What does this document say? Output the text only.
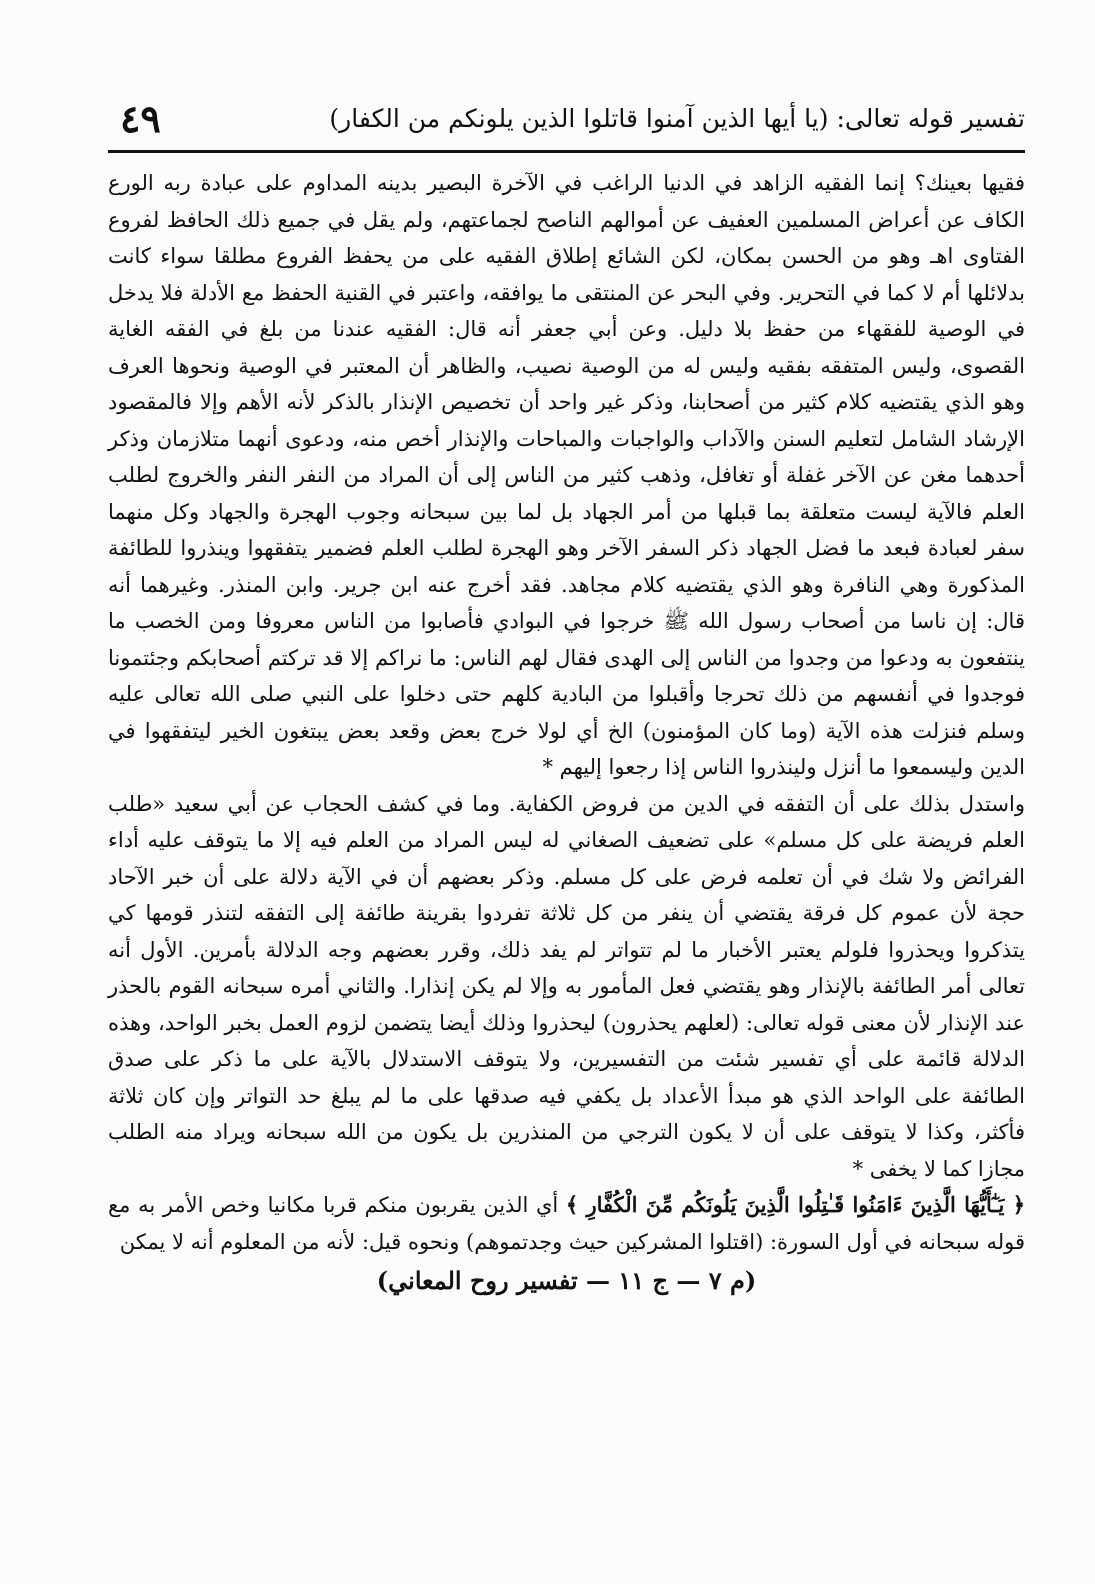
تفسير قوله تعالى: (يا أيها الذين آمنوا قاتلوا الذين يلونكم من الكفار)
٤٩

فقيها بعينك؟ إنما الفقيه الزاهد في الدنيا الراغب في الآخرة البصير بدينه المداوم على عبادة ربه الورع الكاف عن أعراض المسلمين العفيف عن أموالهم الناصح لجماعتهم، ولم يقل في جميع ذلك الحافظ لفروع الفتاوى اهـ وهو من الحسن بمكان، لكن الشائع إطلاق الفقيه على من يحفظ الفروع مطلقا سواء كانت بدلائلها أم لا كما في التحرير. وفي البحر عن المنتقى ما يوافقه، واعتبر في القنية الحفظ مع الأدلة فلا يدخل في الوصية للفقهاء من حفظ بلا دليل. وعن أبي جعفر أنه قال: الفقيه عندنا من بلغ في الفقه الغاية القصوى، وليس المتفقه بفقيه وليس له من الوصية نصيب، والظاهر أن المعتبر في الوصية ونحوها العرف وهو الذي يقتضيه كلام كثير من أصحابنا، وذكر غير واحد أن تخصيص الإنذار بالذكر لأنه الأهم وإلا فالمقصود الإرشاد الشامل لتعليم السنن والآداب والواجبات والمباحات والإنذار أخص منه، ودعوى أنهما متلازمان وذكر أحدهما مغن عن الآخر غفلة أو تغافل، وذهب كثير من الناس إلى أن المراد من النفر النفر والخروج لطلب العلم فالآية ليست متعلقة بما قبلها من أمر الجهاد بل لما بين سبحانه وجوب الهجرة والجهاد وكل منهما سفر لعبادة فبعد ما فضل الجهاد ذكر السفر الآخر وهو الهجرة لطلب العلم فضمير يتفقهوا وينذروا للطائفة المذكورة وهي النافرة وهو الذي يقتضيه كلام مجاهد. فقد أخرج عنه ابن جرير. وابن المنذر. وغيرهما أنه قال: إن ناسا من أصحاب رسول الله ﷺ خرجوا في البوادي فأصابوا من الناس معروفا ومن الخصب ما ينتفعون به ودعوا من وجدوا من الناس إلى الهدى فقال لهم الناس: ما نراكم إلا قد تركتم أصحابكم وجئتمونا فوجدوا في أنفسهم من ذلك تحرجا وأقبلوا من البادية كلهم حتى دخلوا على النبي صلى الله تعالى عليه وسلم فنزلت هذه الآية (وما كان المؤمنون) الخ أي لولا خرج بعض وقعد بعض يبتغون الخير ليتفقهوا في الدين وليسمعوا ما أنزل ولينذروا الناس إذا رجعوا إليهم *

واستدل بذلك على أن التفقه في الدين من فروض الكفاية. وما في كشف الحجاب عن أبي سعيد «طلب العلم فريضة على كل مسلم» على تضعيف الصغاني له ليس المراد من العلم فيه إلا ما يتوقف عليه أداء الفرائض ولا شك في أن تعلمه فرض على كل مسلم. وذكر بعضهم أن في الآية دلالة على أن خبر الآحاد حجة لأن عموم كل فرقة يقتضي أن ينفر من كل ثلاثة تفردوا بقرينة طائفة إلى التفقه لتنذر قومها كي يتذكروا ويحذروا فلولم يعتبر الأخبار ما لم تتواتر لم يفد ذلك، وقرر بعضهم وجه الدلالة بأمرين. الأول أنه تعالى أمر الطائفة بالإنذار وهو يقتضي فعل المأمور به وإلا لم يكن إنذارا. والثاني أمره سبحانه القوم بالحذر عند الإنذار لأن معنى قوله تعالى: (لعلهم يحذرون) ليحذروا وذلك أيضا يتضمن لزوم العمل بخبر الواحد، وهذه الدلالة قائمة على أي تفسير شئت من التفسيرين، ولا يتوقف الاستدلال بالآية على ما ذكر على صدق الطائفة على الواحد الذي هو مبدأ الأعداد بل يكفي فيه صدقها على ما لم يبلغ حد التواتر وإن كان ثلاثة فأكثر، وكذا لا يتوقف على أن لا يكون الترجي من المنذرين بل يكون من الله سبحانه ويراد منه الطلب مجازا كما لا يخفى *

﴿ يَـٰٓأَيُّهَا الَّذِينَ ءَامَنُوا قَـٰتِلُوا الَّذِينَ يَلُونَكُم مِّنَ الْكُفَّارِ ﴾ أي الذين يقربون منكم قربا مكانيا وخص الأمر به مع قوله سبحانه في أول السورة: (اقتلوا المشركين حيث وجدتموهم) ونحوه قيل: لأنه من المعلوم أنه لا يمكن

(م ٧ — ج ١١ — تفسير روح المعاني)
